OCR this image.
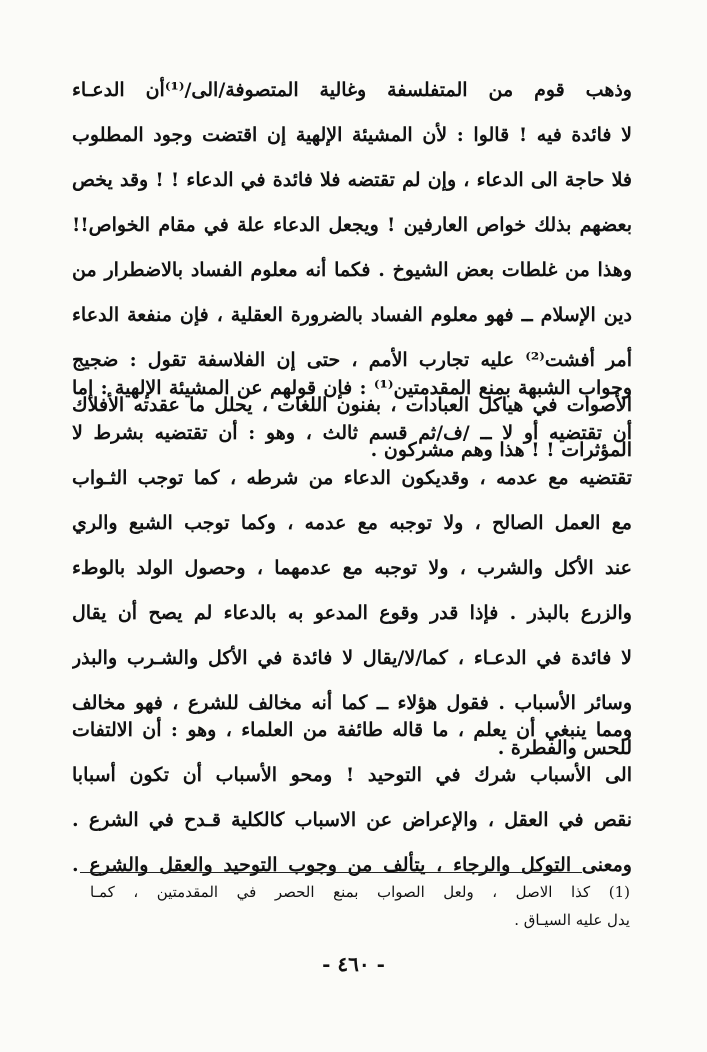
وذهب قوم من المتفلسفة وغالية المتصوفة/الى/⁽¹⁾أن الدعـاء
لا فائدة فيه ! قالوا : لأن المشيئة الإلهية إن اقتضت وجود المطلوب
فلا حاجة الى الدعاء ، وإن لم تقتضه فلا فائدة في الدعاء ! ! وقد يخص
بعضهم بذلك خواص العارفين ! ويجعل الدعاء علة في مقام الخواص!!
وهذا من غلطات بعض الشيوخ . فكما أنه معلوم الفساد بالاضطرار من
دين الإسلام ــ فهو معلوم الفساد بالضرورة العقلية ، فإن منفعة الدعاء
أمر أفشت⁽²⁾ عليه تجارب الأمم ، حتى إن الفلاسفة تقول : ضجيج
الأصوات في هياكل العبادات ، بفنون اللغات ، يحلل ما عقدته الأفلاك
المؤثرات ! ! هذا وهم مشركون .
وجواب الشبهة بمنع المقدمتين⁽¹⁾ : فإن قولهم عن المشيئة الإلهية : إما
أن تقتضيه أو لا ــ /ف/ثم قسم ثالث ، وهو : أن تقتضيه بشرط لا
تقتضيه مع عدمه ، وقديكون الدعاء من شرطه ، كما توجب الثـواب
مع العمل الصالح ، ولا توجبه مع عدمه ، وكما توجب الشبع والري
عند الأكل والشرب ، ولا توجبه مع عدمهما ، وحصول الولد بالوطء
والزرع بالبذر . فإذا قدر وقوع المدعو به بالدعاء لم يصح أن يقال
لا فائدة في الدعـاء ، كما/لا/يقال لا فائدة في الأكل والشـرب والبذر
وسائر الأسباب . فقول هؤلاء ــ كما أنه مخالف للشرع ، فهو مخالف
للحس والفطرة .
ومما ينبغي أن يعلم ، ما قاله طائفة من العلماء ، وهو : أن الالتفات
الى الأسباب شرك في التوحيد ! ومحو الأسباب أن تكون أسبابا
نقص في العقل ، والإعراض عن الاسباب كالكلية قـدح في الشرع .
ومعنى التوكل والرجاء ، يتألف من وجوب التوحيد والعقل والشرع .
(1) كذا الاصل ، ولعل الصواب بمنع الحصر في المقدمتين ، كمـا
يدل عليه السيـاق .
- ٤٦٠ -
